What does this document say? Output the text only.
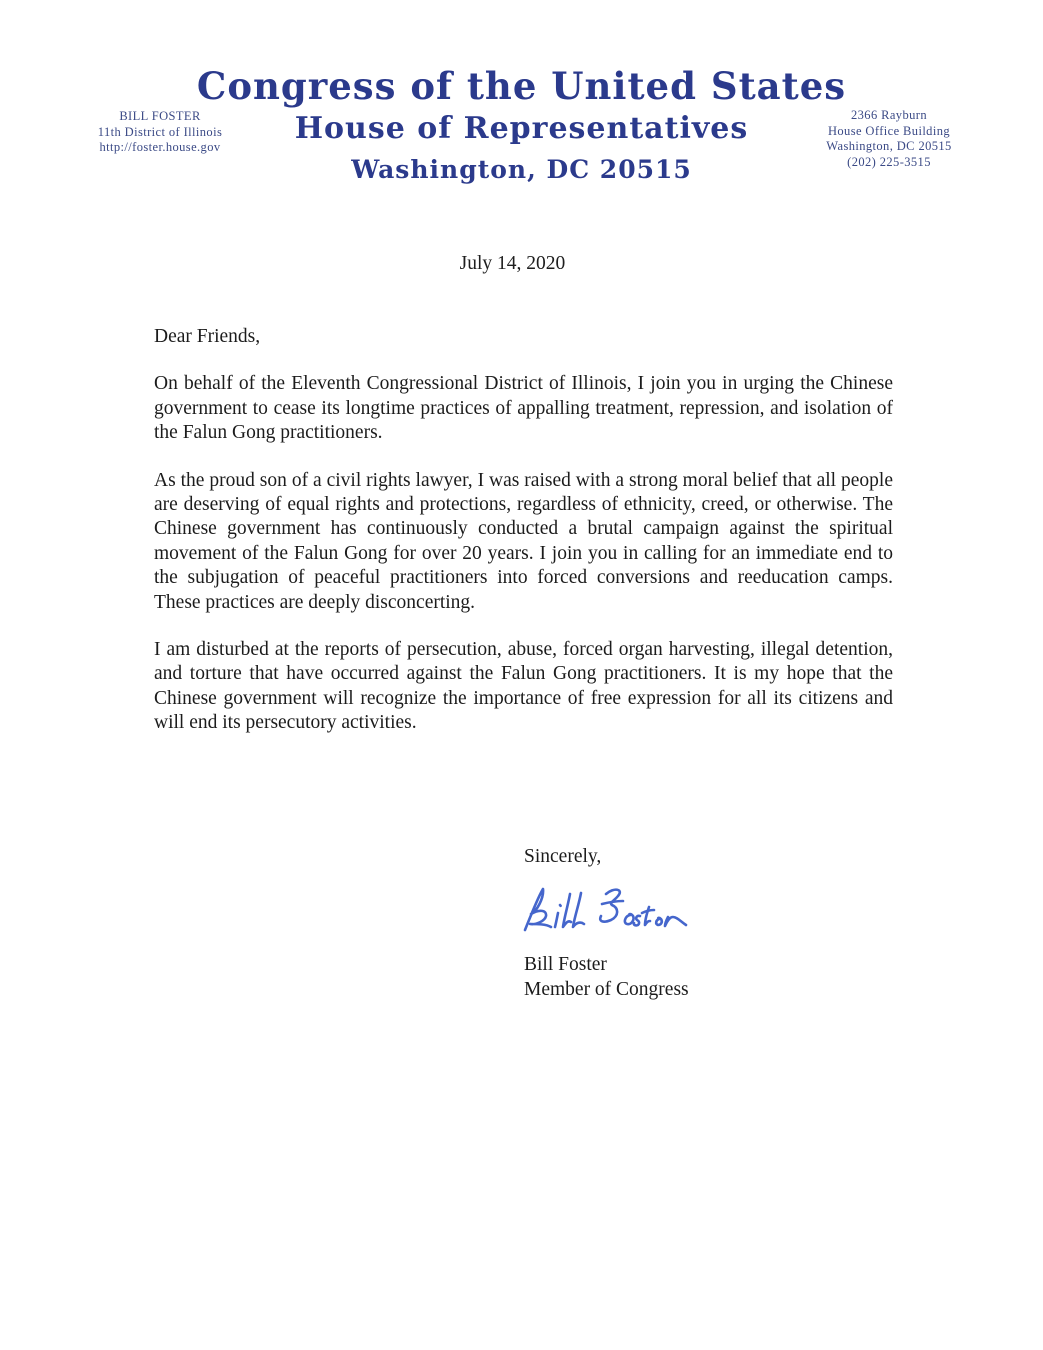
BILL FOSTER
11th District of Illinois
http://foster.house.gov
Congress of the United States
House of Representatives
Washington, DC 20515
2366 Rayburn
House Office Building
Washington, DC 20515
(202) 225-3515
July 14, 2020

Dear Friends,

On behalf of the Eleventh Congressional District of Illinois, I join you in urging the Chinese government to cease its longtime practices of appalling treatment, repression, and isolation of the Falun Gong practitioners.

As the proud son of a civil rights lawyer, I was raised with a strong moral belief that all people are deserving of equal rights and protections, regardless of ethnicity, creed, or otherwise. The Chinese government has continuously conducted a brutal campaign against the spiritual movement of the Falun Gong for over 20 years. I join you in calling for an immediate end to the subjugation of peaceful practitioners into forced conversions and reeducation camps. These practices are deeply disconcerting.

I am disturbed at the reports of persecution, abuse, forced organ harvesting, illegal detention, and torture that have occurred against the Falun Gong practitioners. It is my hope that the Chinese government will recognize the importance of free expression for all its citizens and will end its persecutory activities.

Sincerely,

Bill Foster

Member of Congress
